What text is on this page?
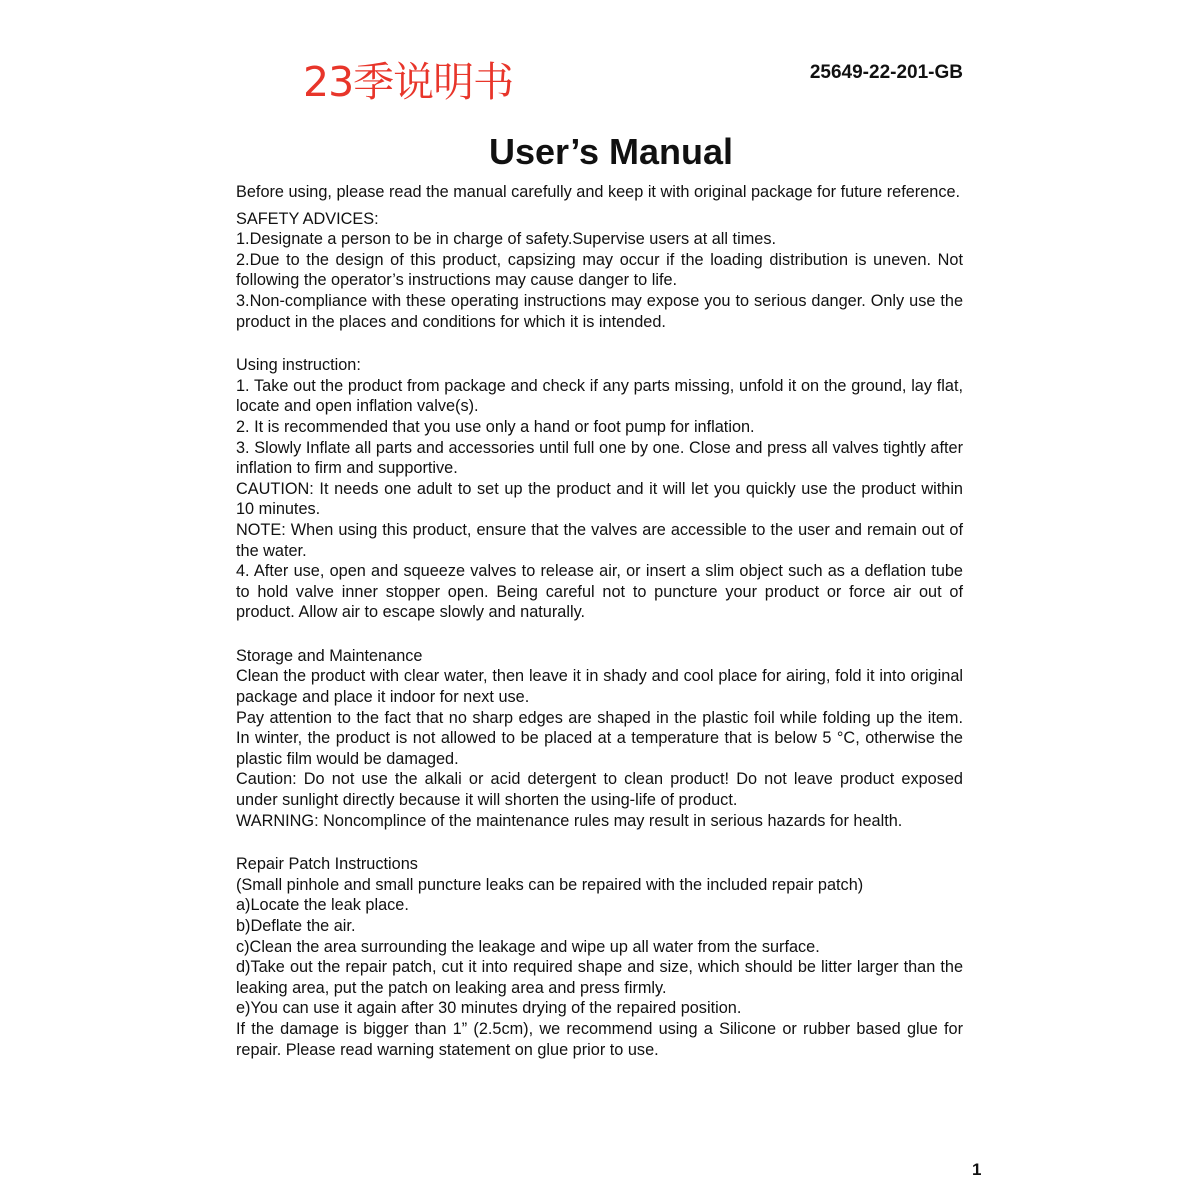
23季说明书	25649-22-201-GB
User’s Manual

Before using, please read the manual carefully and keep it with original package for future reference.

SAFETY ADVICES:

1.Designate a person to be in charge of safety.Supervise users at all times.

2.Due to the design of this product, capsizing may occur if the loading distribution is uneven. Not following the operator’s instructions may cause danger to life.

3.Non-compliance with these operating instructions may expose you to serious danger. Only use the product in the places and conditions for which it is intended.

Using instruction:

1. Take out the product from package and check if any parts missing, unfold it on the ground, lay flat, locate and open inflation valve(s).

2. It is recommended that you use only a hand or foot pump for inflation.

3. Slowly Inflate all parts and accessories until full one by one. Close and press all valves tightly after inflation to firm and supportive.

CAUTION: It needs one adult to set up the product and it will let you quickly use the product within 10 minutes.

NOTE: When using this product, ensure that the valves are accessible to the user and remain out of the water.

4. After use, open and squeeze valves to release air, or insert a slim object such as a deflation tube to hold valve inner stopper open. Being careful not to puncture your product or force air out of product. Allow air to escape slowly and naturally.

Storage and Maintenance

Clean the product with clear water, then leave it in shady and cool place for airing, fold it into original package and place it indoor for next use.

Pay attention to the fact that no sharp edges are shaped in the plastic foil while folding up the item. In winter, the product is not allowed to be placed at a temperature that is below 5 °C, otherwise the plastic film would be damaged.

Caution: Do not use the alkali or acid detergent to clean product! Do not leave product exposed under sunlight directly because it will shorten the using-life of product.

WARNING: Noncomplince of the maintenance rules may result in serious hazards for health.

Repair Patch Instructions

(Small pinhole and small puncture leaks can be repaired with the included repair patch)

a)Locate the leak place.

b)Deflate the air.

c)Clean the area surrounding the leakage and wipe up all water from the surface.

d)Take out the repair patch, cut it into required shape and size, which should be litter larger than the leaking area, put the patch on leaking area and press firmly.

e)You can use it again after 30 minutes drying of the repaired position.

If the damage is bigger than 1” (2.5cm), we recommend using a Silicone or rubber based glue for repair. Please read warning statement on glue prior to use.

1
